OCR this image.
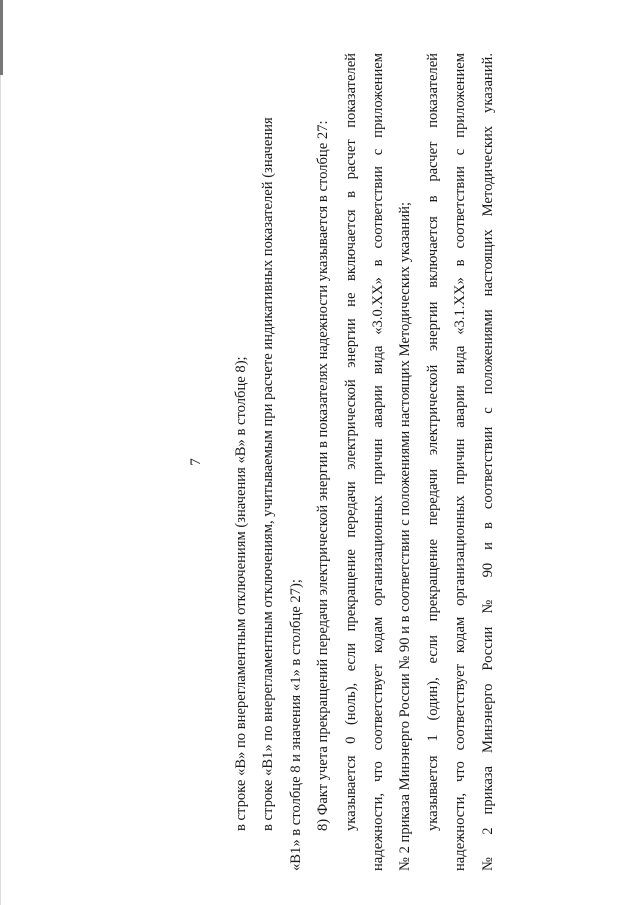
7	в строке «В» по внерегламентным отключениям (значения «В» в столбце 8); в строке «В1» по внерегламентным отключениям, учитываемым при расчете индикативных показателей (значения «В1» в столбце 8 и значения «1» в столбце 27); 8) Факт учета прекращений передачи электрической энергии в показателях надежности указывается в столбце 27: указывается 0 (ноль), если прекращение передачи электрической энергии не включается в расчет показателей надежности, что соответствует кодам организационных причин аварии вида «3.0.XX» в соответствии с приложением № 2 приказа Минэнерго России № 90 и в соответствии с положениями настоящих Методических указаний; указывается 1 (один), если прекращение передачи электрической энергии включается в расчет показателей надежности, что соответствует кодам организационных причин аварии вида «3.1.XX» в соответствии с приложением № 2 приказа Минэнерго России № 90 и в соответствии с положениями настоящих Методических указаний.
